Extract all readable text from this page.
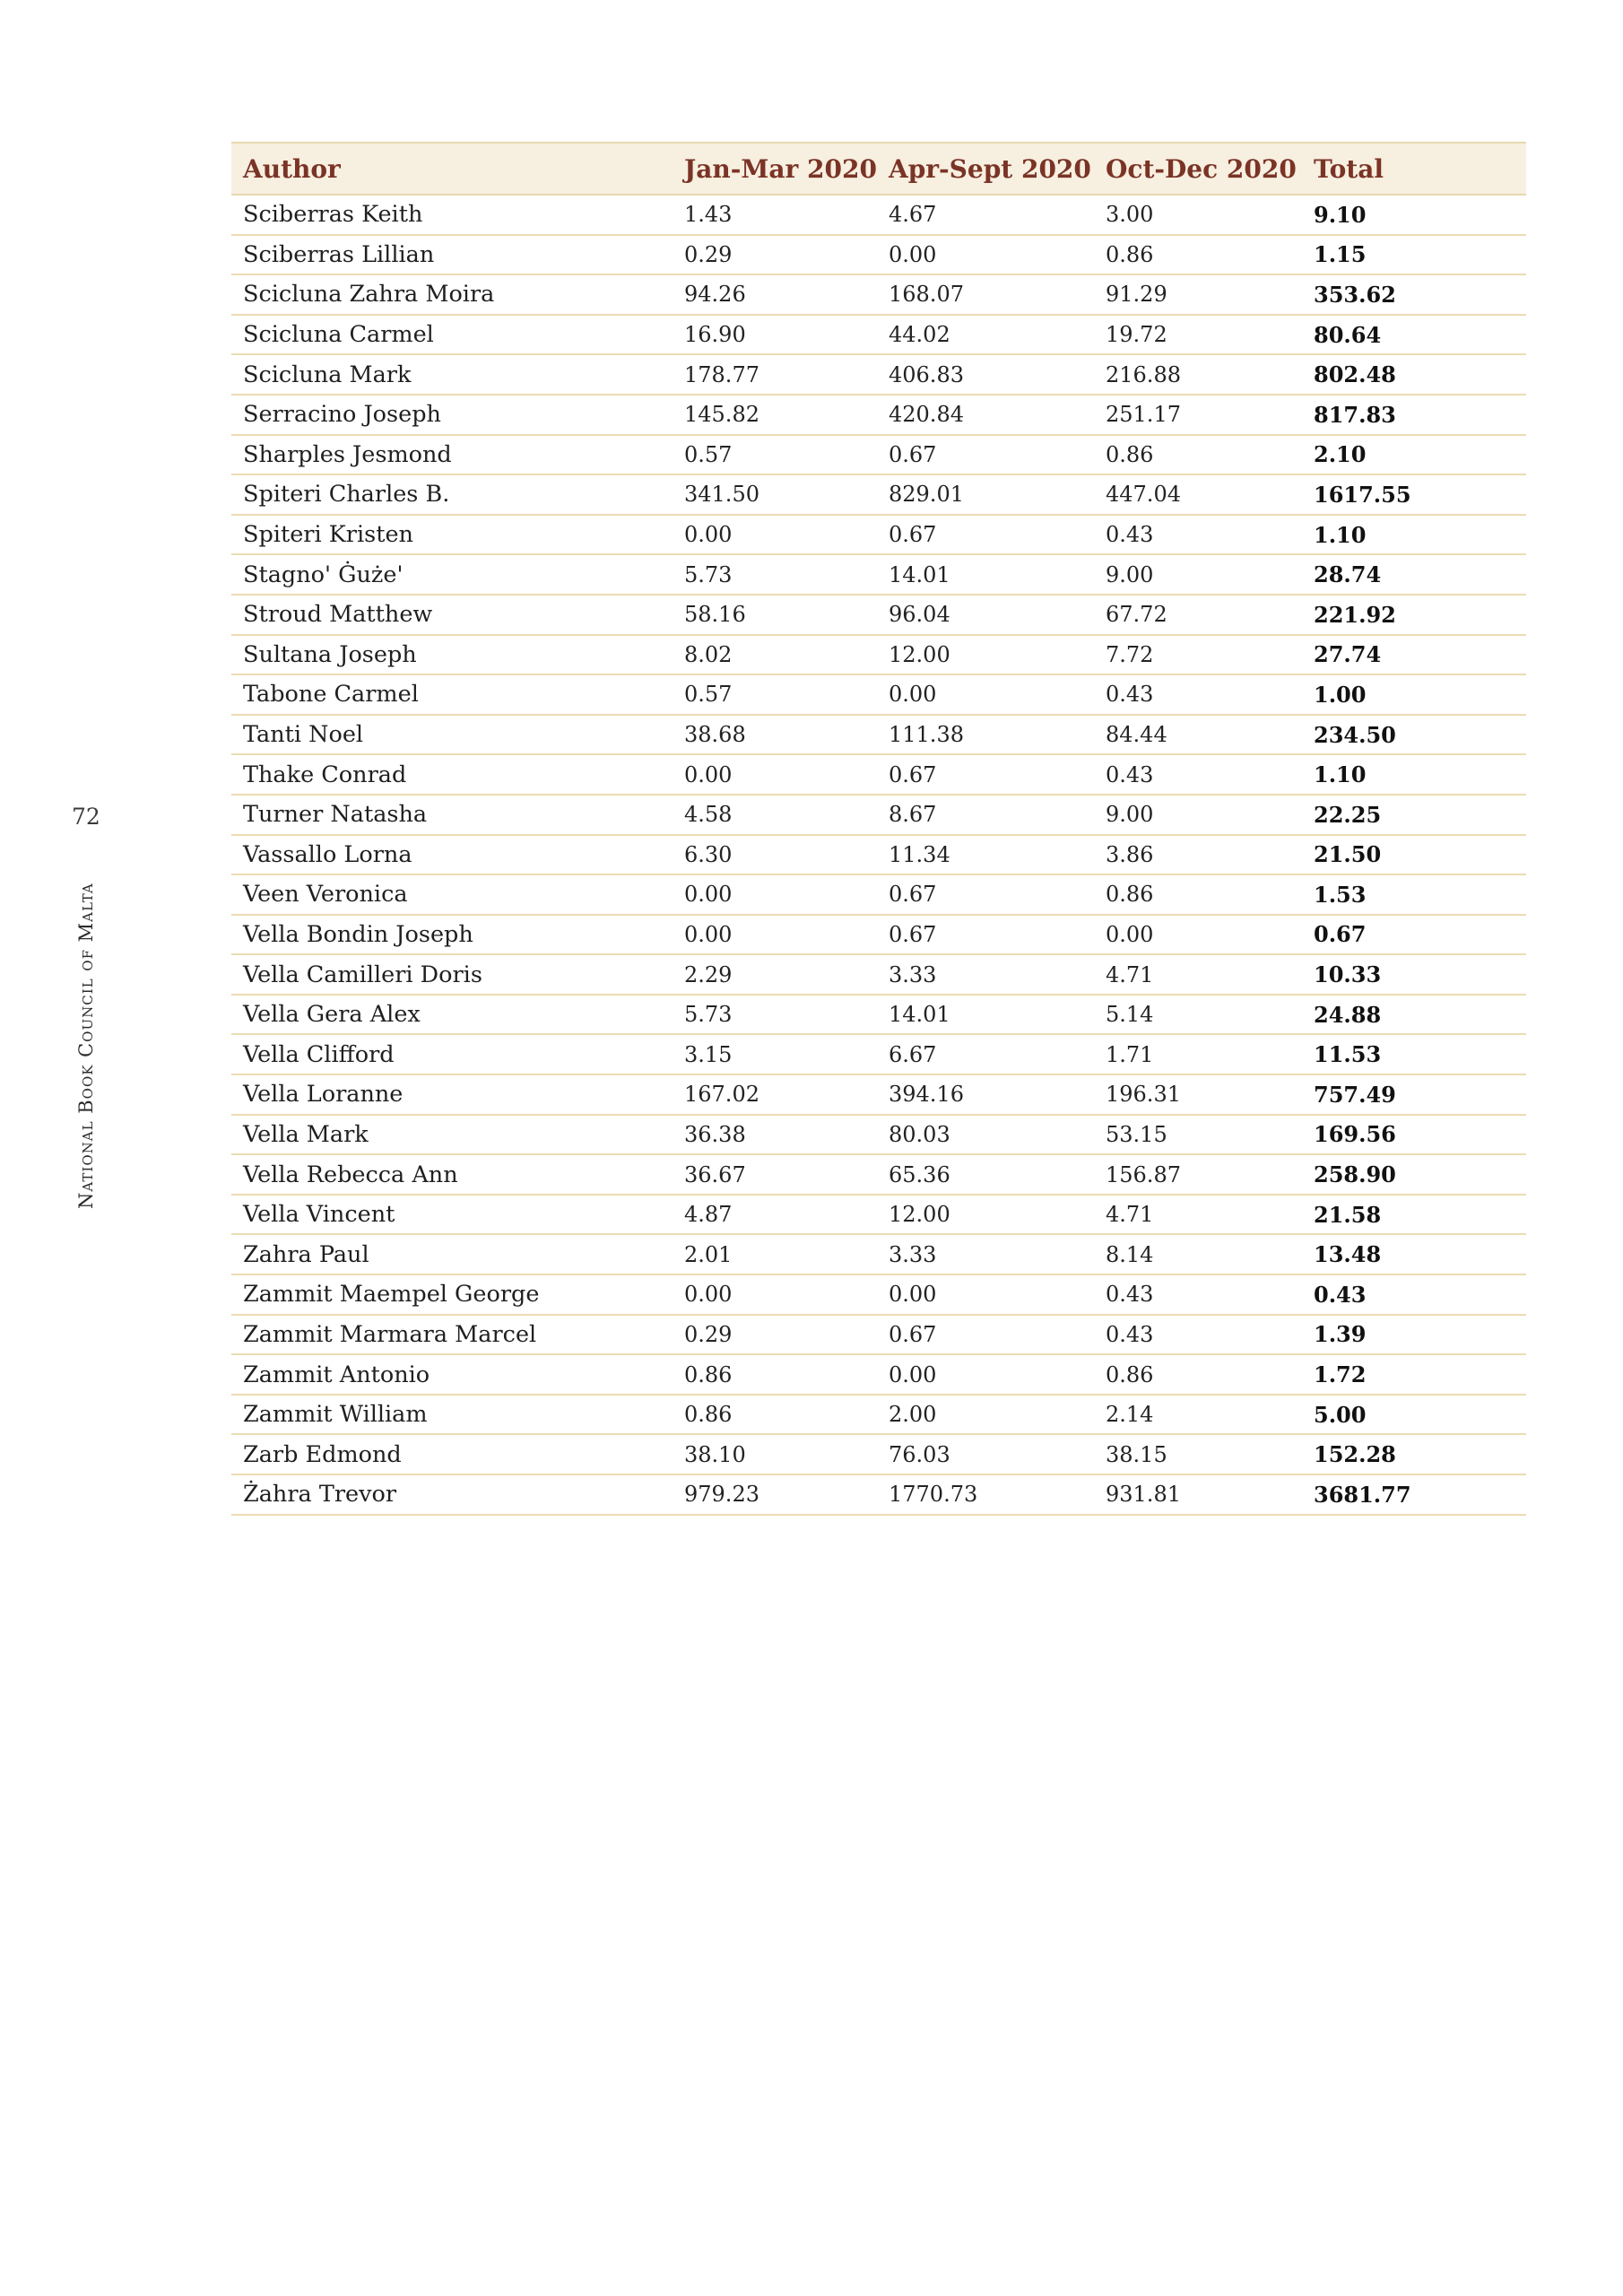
72
National Book Council of Malta
Author	Jan-Mar 2020	Apr-Sept 2020	Oct-Dec 2020	Total
Sciberras Keith	1.43	4.67	3.00	9.10
Sciberras Lillian	0.29	0.00	0.86	1.15
Scicluna Zahra Moira	94.26	168.07	91.29	353.62
Scicluna Carmel	16.90	44.02	19.72	80.64
Scicluna Mark	178.77	406.83	216.88	802.48
Serracino Joseph	145.82	420.84	251.17	817.83
Sharples Jesmond	0.57	0.67	0.86	2.10
Spiteri Charles B.	341.50	829.01	447.04	1617.55
Spiteri Kristen	0.00	0.67	0.43	1.10
Stagno' Ġuże'	5.73	14.01	9.00	28.74
Stroud Matthew	58.16	96.04	67.72	221.92
Sultana Joseph	8.02	12.00	7.72	27.74
Tabone Carmel	0.57	0.00	0.43	1.00
Tanti Noel	38.68	111.38	84.44	234.50
Thake Conrad	0.00	0.67	0.43	1.10
Turner Natasha	4.58	8.67	9.00	22.25
Vassallo Lorna	6.30	11.34	3.86	21.50
Veen Veronica	0.00	0.67	0.86	1.53
Vella Bondin Joseph	0.00	0.67	0.00	0.67
Vella Camilleri Doris	2.29	3.33	4.71	10.33
Vella Gera Alex	5.73	14.01	5.14	24.88
Vella Clifford	3.15	6.67	1.71	11.53
Vella Loranne	167.02	394.16	196.31	757.49
Vella Mark	36.38	80.03	53.15	169.56
Vella Rebecca Ann	36.67	65.36	156.87	258.90
Vella Vincent	4.87	12.00	4.71	21.58
Zahra Paul	2.01	3.33	8.14	13.48
Zammit Maempel George	0.00	0.00	0.43	0.43
Zammit Marmara Marcel	0.29	0.67	0.43	1.39
Zammit Antonio	0.86	0.00	0.86	1.72
Zammit William	0.86	2.00	2.14	5.00
Zarb Edmond	38.10	76.03	38.15	152.28
Żahra Trevor	979.23	1770.73	931.81	3681.77
